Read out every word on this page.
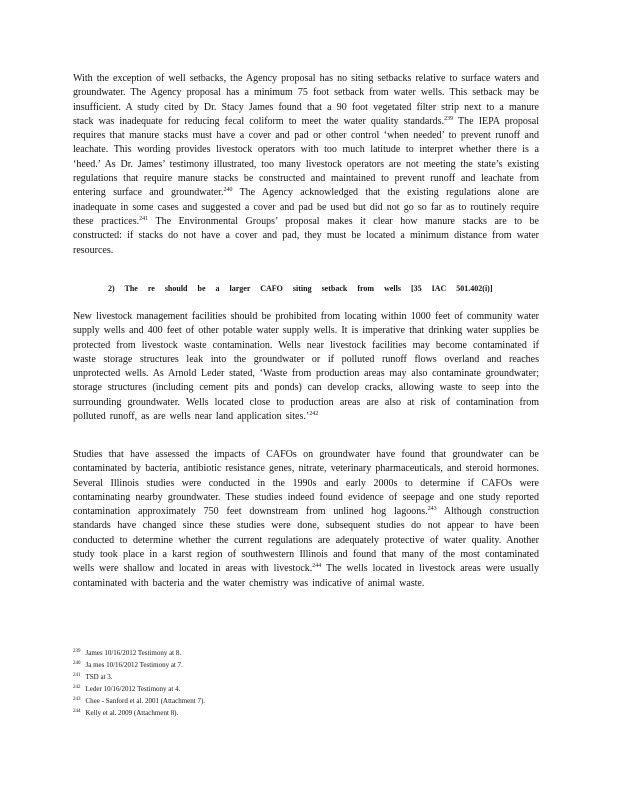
With the exception of well setbacks, the Agency proposal has no siting setbacks relative to surface waters and groundwater. The Agency proposal has a minimum 75 foot setback from water wells. This setback may be insufficient. A study cited by Dr. Stacy James found that a 90 foot vegetated filter strip next to a manure stack was inadequate for reducing fecal coliform to meet the water quality standards.$^{239}$ The IEPA proposal requires that manure stacks must have a cover and pad or other control ‘when needed’ to prevent runoff and leachate. This wording provides livestock operators with too much latitude to interpret whether there is a ‘heed.’ As Dr. James’ testimony illustrated, too many livestock operators are not meeting the state’s existing regulations that require manure stacks be constructed and maintained to prevent runoff and leachate from entering surface and groundwater.$^{240}$ The Agency acknowledged that the existing regulations alone are inadequate in some cases and suggested a cover and pad be used but did not go so far as to routinely require these practices.$^{241}$ The Environmental Groups’ proposal makes it clear how manure stacks are to be constructed: if stacks do not have a cover and pad, they must be located a minimum distance from water resources.

2) The re should be a larger CAFO siting setback from wells [35 IAC 501.402(i)]

New livestock management facilities should be prohibited from locating within 1000 feet of community water supply wells and 400 feet of other potable water supply wells. It is imperative that drinking water supplies be protected from livestock waste contamination. Wells near livestock facilities may become contaminated if waste storage structures leak into the groundwater or if polluted runoff flows overland and reaches unprotected wells. As Arnold Leder stated, ‘Waste from production areas may also contaminate groundwater; storage structures (including cement pits and ponds) can develop cracks, allowing waste to seep into the surrounding groundwater. Wells located close to production areas are also at risk of contamination from polluted runoff, as are wells near land application sites.’$^{242}$

Studies that have assessed the impacts of CAFOs on groundwater have found that groundwater can be contaminated by bacteria, antibiotic resistance genes, nitrate, veterinary pharmaceuticals, and steroid hormones. Several Illinois studies were conducted in the 1990s and early 2000s to determine if CAFOs were contaminating nearby groundwater. These studies indeed found evidence of seepage and one study reported contamination approximately 750 feet downstream from unlined hog lagoons.$^{243}$ Although construction standards have changed since these studies were done, subsequent studies do not appear to have been conducted to determine whether the current regulations are adequately protective of water quality. Another study took place in a karst region of southwestern Illinois and found that many of the most contaminated wells were shallow and located in areas with livestock.$^{244}$ The wells located in livestock areas were usually contaminated with bacteria and the water chemistry was indicative of animal waste.

239 James 10/16/2012 Testimony at 8.
240 Ja mes 10/16/2012 Testimony at 7.
241 TSD at 3.
242 Leder 10/16/2012 Testimony at 4.
243 Chee - Sanford et al. 2001 (Attachment 7).
244 Kelly et al. 2009 (Attachment 8).
